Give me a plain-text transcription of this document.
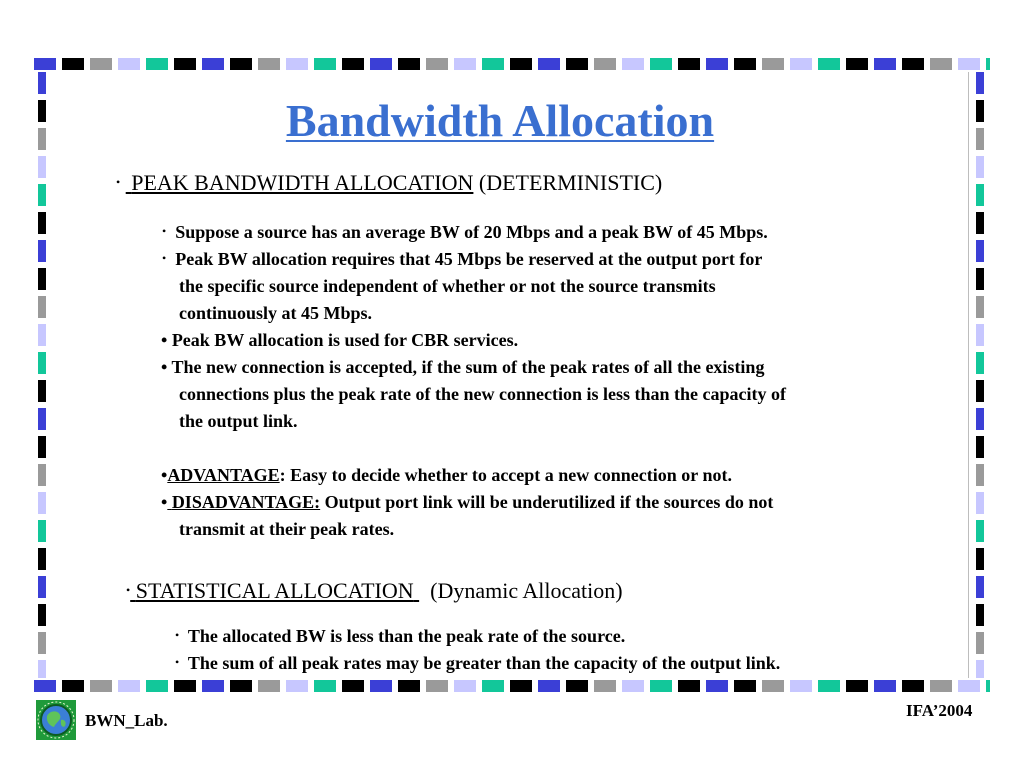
Bandwidth Allocation
• PEAK BANDWIDTH ALLOCATION (DETERMINISTIC)
• Suppose a source has an average BW of 20 Mbps and a peak BW of 45 Mbps.
• Peak BW allocation requires that 45 Mbps be reserved at the output port for
the specific source independent of whether or not the source transmits
continuously at 45 Mbps.
• Peak BW allocation is used for CBR services.
• The new connection is accepted, if the sum of the peak rates of all the existing
connections plus the peak rate of the new connection is less than the capacity of
the output link.
•ADVANTAGE: Easy to decide whether to accept a new connection or not.
• DISADVANTAGE: Output port link will be underutilized if the sources do not
transmit at their peak rates.
• STATISTICAL ALLOCATION (Dynamic Allocation)
• The allocated BW is less than the peak rate of the source.
• The sum of all peak rates may be greater than the capacity of the output link.
BWN_Lab.
IFA’2004
